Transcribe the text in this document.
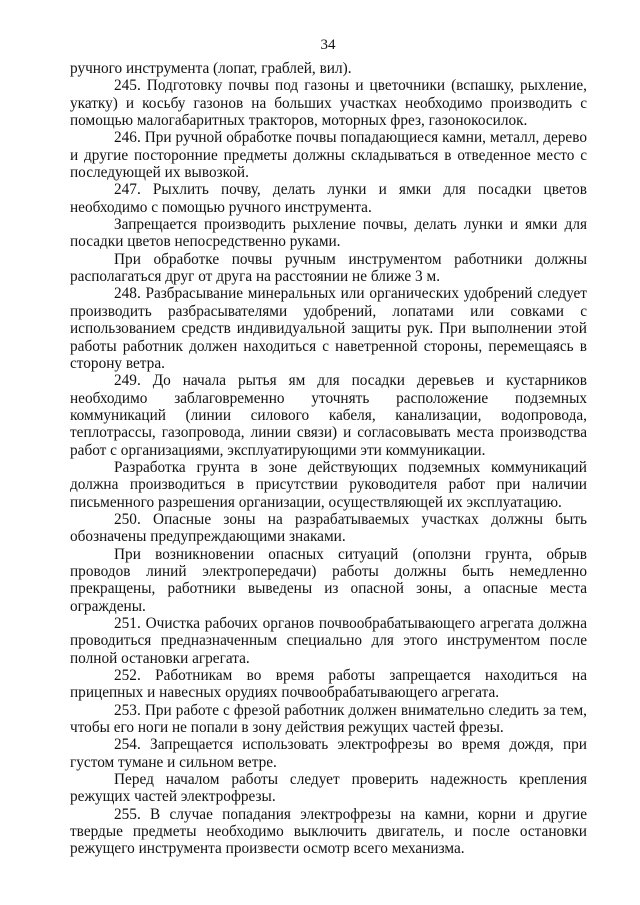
34

ручного инструмента (лопат, граблей, вил).

245. Подготовку почвы под газоны и цветочники (вспашку, рыхление, укатку) и косьбу газонов на больших участках необходимо производить с помощью малогабаритных тракторов, моторных фрез, газонокосилок.

246. При ручной обработке почвы попадающиеся камни, металл, дерево и другие посторонние предметы должны складываться в отведенное место с последующей их вывозкой.

247. Рыхлить почву, делать лунки и ямки для посадки цветов необходимо с помощью ручного инструмента.

Запрещается производить рыхление почвы, делать лунки и ямки для посадки цветов непосредственно руками.

При обработке почвы ручным инструментом работники должны располагаться друг от друга на расстоянии не ближе 3 м.

248. Разбрасывание минеральных или органических удобрений следует производить разбрасывателями удобрений, лопатами или совками с использованием средств индивидуальной защиты рук. При выполнении этой работы работник должен находиться с наветренной стороны, перемещаясь в сторону ветра.

249. До начала рытья ям для посадки деревьев и кустарников необходимо заблаговременно уточнять расположение подземных коммуникаций (линии силового кабеля, канализации, водопровода, теплотрассы, газопровода, линии связи) и согласовывать места производства работ с организациями, эксплуатирующими эти коммуникации.

Разработка грунта в зоне действующих подземных коммуникаций должна производиться в присутствии руководителя работ при наличии письменного разрешения организации, осуществляющей их эксплуатацию.

250. Опасные зоны на разрабатываемых участках должны быть обозначены предупреждающими знаками.

При возникновении опасных ситуаций (оползни грунта, обрыв проводов линий электропередачи) работы должны быть немедленно прекращены, работники выведены из опасной зоны, а опасные места ограждены.

251. Очистка рабочих органов почвообрабатывающего агрегата должна проводиться предназначенным специально для этого инструментом после полной остановки агрегата.

252. Работникам во время работы запрещается находиться на прицепных и навесных орудиях почвообрабатывающего агрегата.

253. При работе с фрезой работник должен внимательно следить за тем, чтобы его ноги не попали в зону действия режущих частей фрезы.

254. Запрещается использовать электрофрезы во время дождя, при густом тумане и сильном ветре.

Перед началом работы следует проверить надежность крепления режущих частей электрофрезы.

255. В случае попадания электрофрезы на камни, корни и другие твердые предметы необходимо выключить двигатель, и после остановки режущего инструмента произвести осмотр всего механизма.
